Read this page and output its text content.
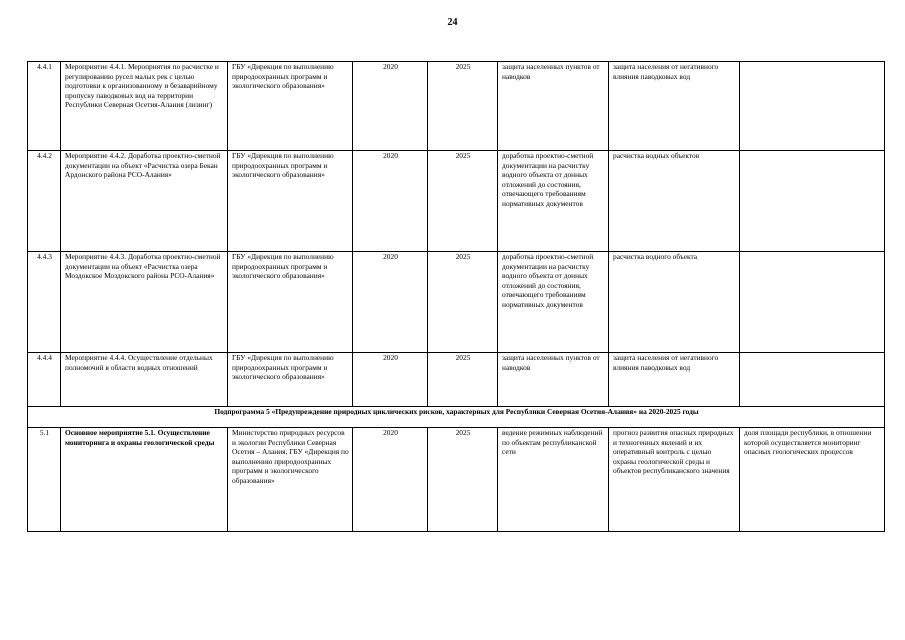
24
4.4.1	Мероприятие 4.4.1. Мероприятия по расчистке и регулированию русел малых рек с целью подготовки к организованному и безаварийному пропуску паводковых вод на территории Республики Северная Осетия-Алания (лизинг)	ГБУ «Дирекция по выполнению природоохранных программ и экологического образования»	2020	2025	защита населенных пунктов от наводков	защита населения от негативного влияния паводковых вод	
4.4.2	Мероприятие 4.4.2. Доработка проектно-сметной документации на объект «Расчистка озера Бекан Ардонского района РСО-Алания»	ГБУ «Дирекция по выполнению природоохранных программ и экологического образования»	2020	2025	доработка проектно-сметной документации на расчистку водного объекта от донных отложений до состояния, отвечающего требованиям нормативных документов	расчистка водных объектов	
4.4.3	Мероприятие 4.4.3. Доработка проектно-сметной документации на объект «Расчистка озера Моздокское Моздокского района РСО-Алания»	ГБУ «Дирекция по выполнению природоохранных программ и экологического образования»	2020	2025	доработка проектно-сметной документации на расчистку водного объекта от донных отложений до состояния, отвечающего требованиям нормативных документов	расчистка водного объекта	
4.4.4	Мероприятие 4.4.4. Осуществление отдельных полномочий в области водных отношений	ГБУ «Дирекция по выполнению природоохранных программ и экологического образования»	2020	2025	защита населенных пунктов от наводков	защита населения от негативного влияния паводковых вод	
Подпрограмма 5 «Предупреждение природных циклических рисков, характерных для Республики Северная Осетия-Алания» на 2020-2025 годы							
5.1	Основное мероприятие 5.1. Осуществление мониторинга и охраны геологической среды	Министерство природных ресурсов и экологии Республики Северная Осетия – Алания, ГБУ «Дирекция по выполнению природоохранных программ и экологического образования»	2020	2025	ведение режимных наблюдений по объектам республиканской сети	прогноз развития опасных природных и техногенных явлений и их оперативный контроль с целью охраны геологической среды и объектов республиканского значения	доля площади республики, в отношении которой осуществляется мониторинг опасных геологических процессов
